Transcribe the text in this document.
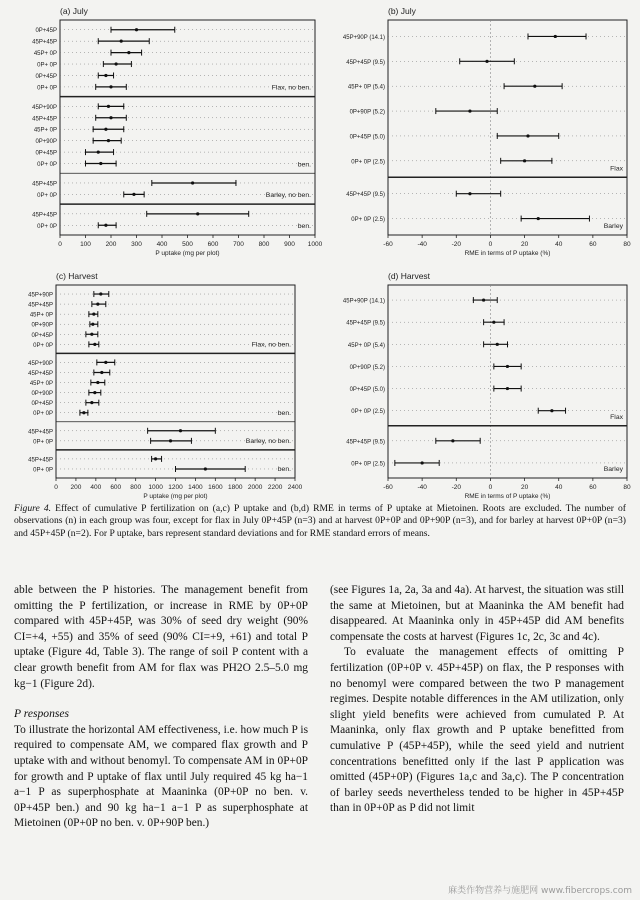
(a) July
0	100 200 300 400 500 600 700 800 900 1000
P uptake (mg per plot)
0P+45P
45P+45P
45P+ 0P
0P+ 0P
0P+45P
0P+ 0P	Flax, no ben.
45P+90P
45P+45P
45P+ 0P
0P+90P
0P+45P
0P+ 0P	ben.
45P+45P
0P+ 0P	Barley, no ben.
45P+45P
0P+ 0P	ben.
(b) July
-60	-40	-20	0	20	40	60	80
RME in terms of P uptake (%)
45P+90P (14.1)
45P+45P (9.5)
45P+ 0P (5.4)
0P+90P (5.2)
0P+45P (5.0)
0P+ 0P (2.5)
Flax
45P+45P (9.5)
0P+ 0P (2.5)
Barley
(c) Harvest
0 200 400 600 800 1000 1200 1400 1600 1800 2000 2200 2400
P uptake (mg per plot)
45P+90P
45P+45P
45P+ 0P
0P+90P
0P+45P
0P+ 0P	Flax, no ben.
45P+90P
45P+45P
45P+ 0P
0P+90P
0P+45P
0P+ 0P	ben.
45P+45P
0P+ 0P	Barley, no ben.
45P+45P
0P+ 0P	ben.
(d) Harvest
-60	-40	-20	0	20	40	60	80
RME in terms of P uptake (%)
45P+90P (14.1)
45P+45P (9.5)
45P+ 0P (5.4)
0P+90P (5.2)
0P+45P (5.0)
0P+ 0P (2.5)
Flax
45P+45P (9.5)
0P+ 0P (2.5)
Barley
Figure 4. Effect of cumulative P fertilization on (a,c) P uptake and (b,d) RME in terms of P uptake at Mietoinen. Roots are excluded. The number of observations (n) in each group was four, except for flax in July 0P+45P (n=3) and at harvest 0P+0P and 0P+90P (n=3), and for barley at harvest 0P+0P (n=3) and 45P+45P (n=2). For P uptake, bars represent standard deviations and for RME standard errors of means.

able between the P histories. The management benefit from omitting the P fertilization, or increase in RME by 0P+0P compared with 45P+45P, was 30% of seed dry weight (90% CI=+4, +55) and 35% of seed (90% CI=+9, +61) and total P uptake (Figure 4d, Table 3). The range of soil P content with a clear growth benefit from AM for flax was PH2O 2.5–5.0 mg kg−1 (Figure 2d).

P responses

To illustrate the horizontal AM effectiveness, i.e. how much P is required to compensate AM, we compared flax growth and P uptake with and without benomyl. To compensate AM in 0P+0P for growth and P uptake of flax until July required 45 kg ha−1 a−1 P as superphosphate at Maaninka (0P+0P no ben. v. 0P+45P ben.) and 90 kg ha−1 a−1 P as superphosphate at Mietoinen (0P+0P no ben. v. 0P+90P ben.)

(see Figures 1a, 2a, 3a and 4a). At harvest, the situation was still the same at Mietoinen, but at Maaninka the AM benefit had disappeared. At Maaninka only in 45P+45P did AM benefits compensate the costs at harvest (Figures 1c, 2c, 3c and 4c).

To evaluate the management effects of omitting P fertilization (0P+0P v. 45P+45P) on flax, the P responses with no benomyl were compared between the two P management regimes. Despite notable differences in the AM utilization, only slight yield benefits were achieved from cumulated P. At Maaninka, only flax growth and P uptake benefitted from cumulative P (45P+45P), while the seed yield and nutrient concentrations benefitted only if the last P application was omitted (45P+0P) (Figures 1a,c and 3a,c). The P concentration of barley seeds nevertheless tended to be higher in 45P+45P than in 0P+0P as P did not limit

麻类作物营养与施肥网 www.fibercrops.com
